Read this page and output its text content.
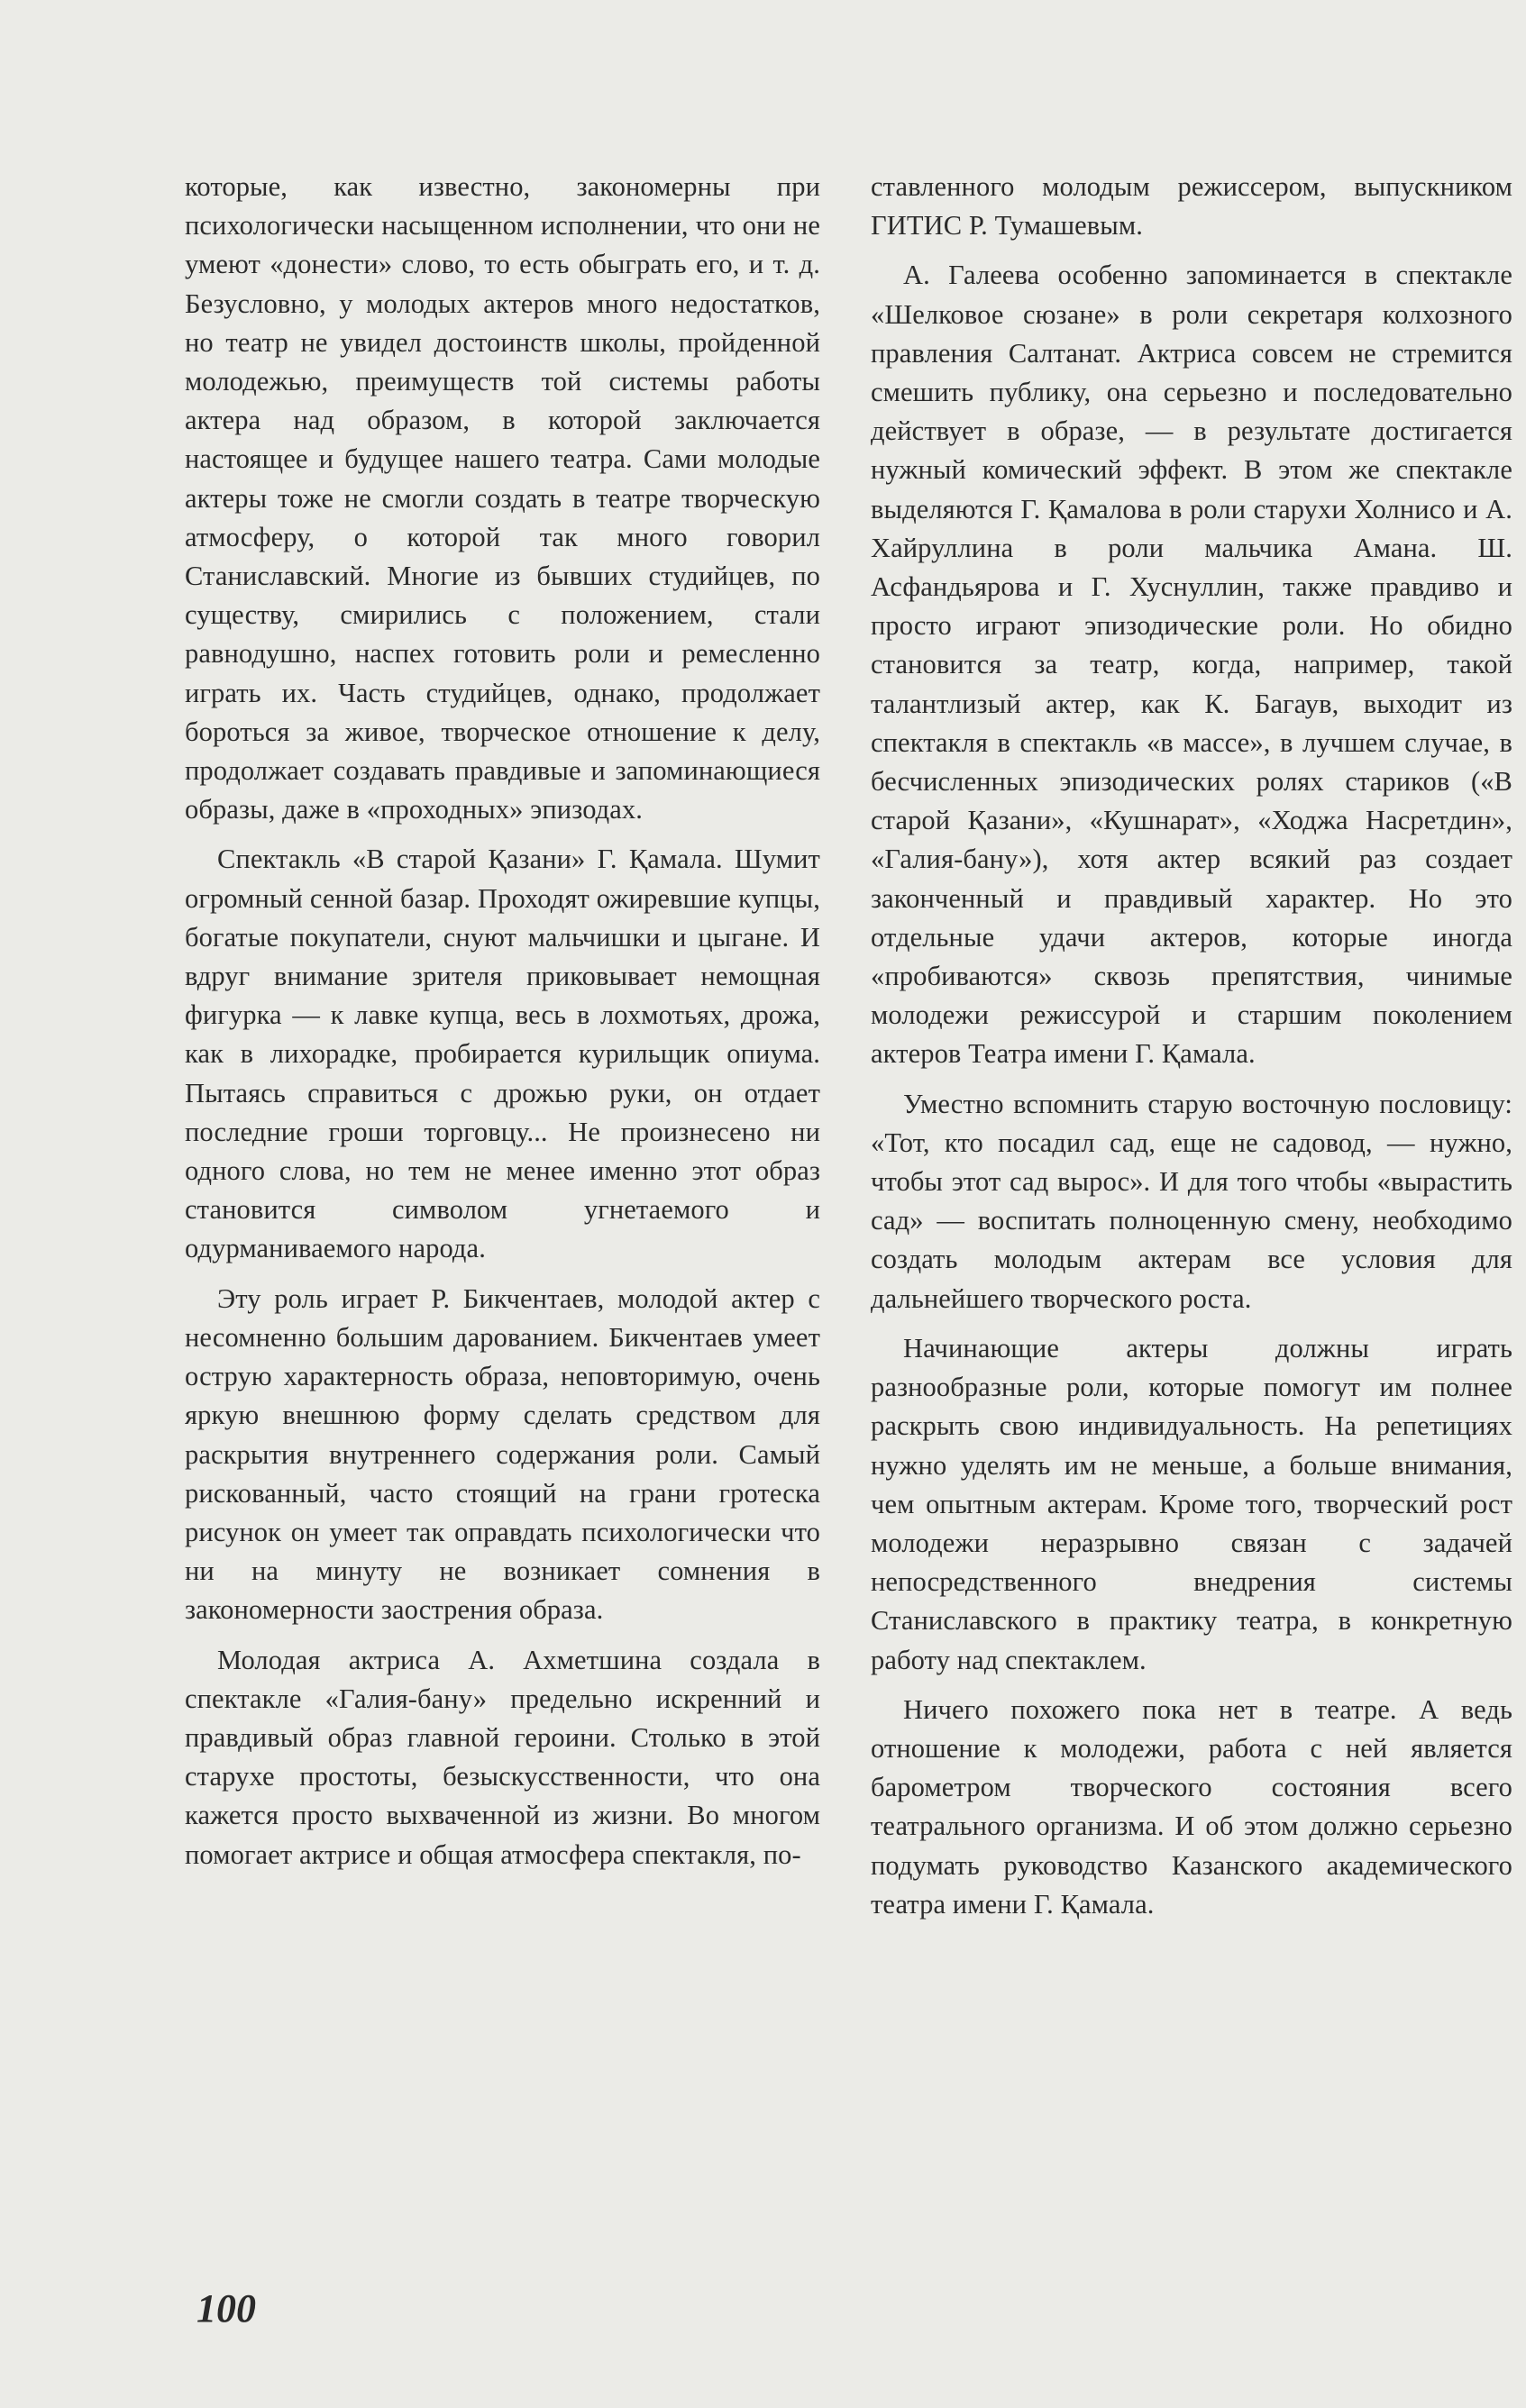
которые, как известно, закономерны при психологически насыщенном исполнении, что они не умеют «донести» слово, то есть обыграть его, и т. д. Безусловно, у молодых актеров много недостатков, но театр не увидел достоинств школы, пройденной молодежью, преимуществ той системы работы актера над образом, в которой заключается настоящее и будущее нашего театра. Сами молодые актеры тоже не смогли создать в театре творческую атмосферу, о которой так много говорил Станиславский. Многие из бывших студийцев, по существу, смирились с положением, стали равнодушно, наспех готовить роли и ремесленно играть их. Часть студийцев, однако, продолжает бороться за живое, творческое отношение к делу, продолжает создавать правдивые и запоминающиеся образы, даже в «проходных» эпизодах.

Спектакль «В старой Қазани» Г. Қамала. Шумит огромный сенной базар. Проходят ожиревшие купцы, богатые покупатели, снуют мальчишки и цыгане. И вдруг внимание зрителя приковывает немощная фигурка — к лавке купца, весь в лохмотьях, дрожа, как в лихорадке, пробирается курильщик опиума. Пытаясь справиться с дрожью руки, он отдает последние гроши торговцу... Не произнесено ни одного слова, но тем не менее именно этот образ становится символом угнетаемого и одурманиваемого народа.

Эту роль играет Р. Бикчентаев, молодой актер с несомненно большим дарованием. Бикчентаев умеет острую характерность образа, неповторимую, очень яркую внешнюю форму сделать средством для раскрытия внутреннего содержания роли. Самый рискованный, часто стоящий на грани гротеска рисунок он умеет так оправдать психологически что ни на минуту не возникает сомнения в закономерности заострения образа.

Молодая актриса А. Ахметшина создала в спектакле «Галия-бану» предельно искренний и правдивый образ главной героини. Столько в этой старухе простоты, безыскусственности, что она кажется просто выхваченной из жизни. Во многом помогает актрисе и общая атмосфера спектакля, по-

ставленного молодым режиссером, выпускником ГИТИС Р. Тумашевым.

А. Галеева особенно запоминается в спектакле «Шелковое сюзане» в роли секретаря колхозного правления Салтанат. Актриса совсем не стремится смешить публику, она серьезно и последовательно действует в образе, — в результате достигается нужный комический эффект. В этом же спектакле выделяются Г. Қамалова в роли старухи Холнисо и А. Хайруллина в роли мальчика Амана. Ш. Асфандьярова и Г. Хуснуллин, также правдиво и просто играют эпизодические роли. Но обидно становится за театр, когда, например, такой талантлизый актер, как К. Багаув, выходит из спектакля в спектакль «в массе», в лучшем случае, в бесчисленных эпизодических ролях стариков («В старой Қазани», «Кушнарат», «Ходжа Насретдин», «Галия-бану»), хотя актер всякий раз создает законченный и правдивый характер. Но это отдельные удачи актеров, которые иногда «пробиваются» сквозь препятствия, чинимые молодежи режиссурой и старшим поколением актеров Театра имени Г. Қамала.

Уместно вспомнить старую восточную пословицу: «Тот, кто посадил сад, еще не садовод, — нужно, чтобы этот сад вырос». И для того чтобы «вырастить сад» — воспитать полноценную смену, необходимо создать молодым актерам все условия для дальнейшего творческого роста.

Начинающие актеры должны играть разнообразные роли, которые помогут им полнее раскрыть свою индивидуальность. На репетициях нужно уделять им не меньше, а больше внимания, чем опытным актерам. Кроме того, творческий рост молодежи неразрывно связан с задачей непосредственного внедрения системы Станиславского в практику театра, в конкретную работу над спектаклем.

Ничего похожего пока нет в театре. А ведь отношение к молодежи, работа с ней является барометром творческого состояния всего театрального организма. И об этом должно серьезно подумать руководство Казанского академического театра имени Г. Қамала.

100
